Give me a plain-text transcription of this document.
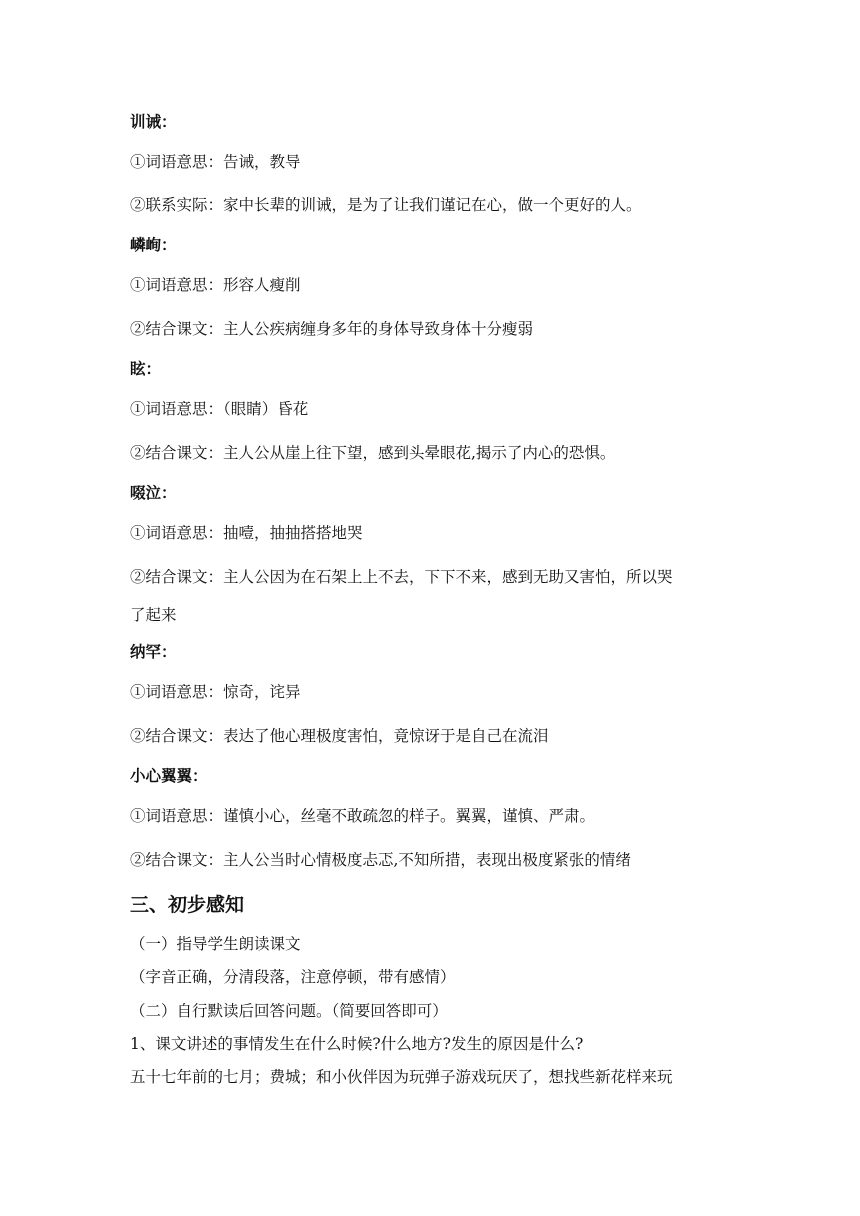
训诫：
①词语意思：告诫，教导
②联系实际：家中长辈的训诫，是为了让我们谨记在心，做一个更好的人。
嶙峋：
①词语意思：形容人瘦削
②结合课文：主人公疾病缠身多年的身体导致身体十分瘦弱
眩：
①词语意思：（眼睛）昏花
②结合课文：主人公从崖上往下望，感到头晕眼花,揭示了内心的恐惧。
啜泣：
①词语意思：抽噎，抽抽搭搭地哭
②结合课文：主人公因为在石架上上不去，下下不来，感到无助又害怕，所以哭
了起来
纳罕：
①词语意思：惊奇，诧异
②结合课文：表达了他心理极度害怕，竟惊讶于是自己在流泪
小心翼翼：
①词语意思：谨慎小心，丝毫不敢疏忽的样子。翼翼，谨慎、严肃。
②结合课文：主人公当时心情极度忐忑,不知所措，表现出极度紧张的情绪
三、初步感知
（一）指导学生朗读课文
（字音正确，分清段落，注意停顿，带有感情）
（二）自行默读后回答问题。（简要回答即可）
1、课文讲述的事情发生在什么时候?什么地方?发生的原因是什么?
五十七年前的七月；费城；和小伙伴因为玩弹子游戏玩厌了，想找些新花样来玩
